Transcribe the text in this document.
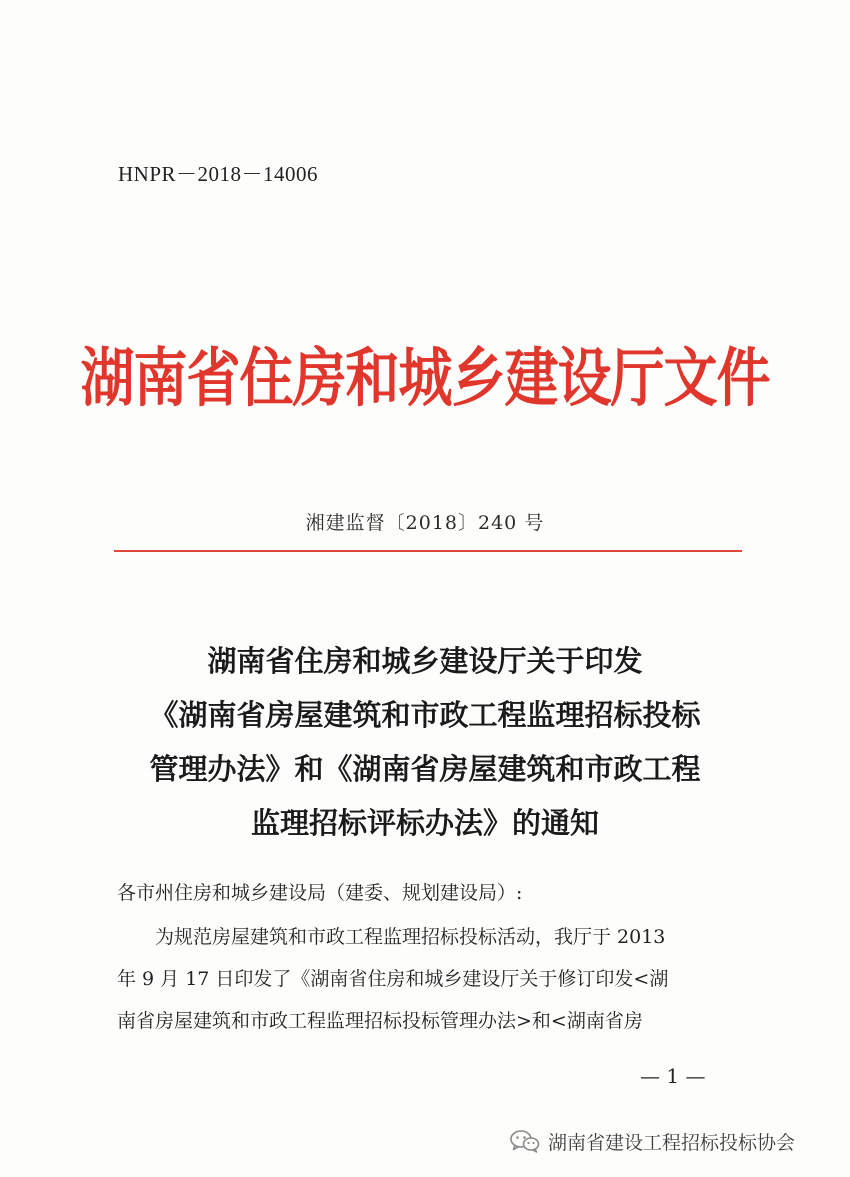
HNPR－2018－14006
湖南省住房和城乡建设厅文件
湘建监督〔2018〕240 号
湖南省住房和城乡建设厅关于印发
《湖南省房屋建筑和市政工程监理招标投标
管理办法》和《湖南省房屋建筑和市政工程
监理招标评标办法》的通知
各市州住房和城乡建设局（建委、规划建设局）:
为规范房屋建筑和市政工程监理招标投标活动，我厅于 2013
年 9 月 17 日印发了《湖南省住房和城乡建设厅关于修订印发<湖
南省房屋建筑和市政工程监理招标投标管理办法>和<湖南省房
— 1 —
湖南省建设工程招标投标协会
